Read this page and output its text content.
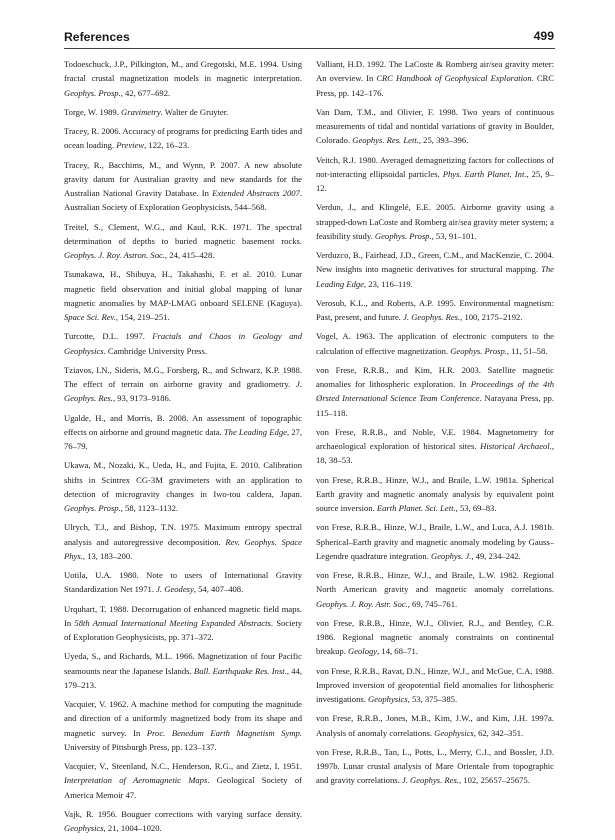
References	499

Todoeschuck, J.P., Pilkington, M., and Gregotski, M.E. 1994. Using fractal crustal magnetization models in magnetic interpretation. Geophys. Prosp., 42, 677–692.

Torge, W. 1989. Gravimetry. Walter de Gruyter.

Tracey, R. 2006. Accuracy of programs for predicting Earth tides and ocean loading. Preview, 122, 16–23.

Tracey, R., Bacchims, M., and Wynn, P. 2007. A new absolute gravity datum for Australian gravity and new standards for the Australian National Gravity Database. In Extended Abstracts 2007. Australian Society of Exploration Geophysicists, 544–568.

Treitel, S., Clement, W.G., and Kaul, R.K. 1971. The spectral determination of depths to buried magnetic basement rocks. Geophys. J. Roy. Astron. Soc., 24, 415–428.

Tsunakawa, H., Shibuya, H., Takahashi, F. et al. 2010. Lunar magnetic field observation and initial global mapping of lunar magnetic anomalies by MAP-LMAG onboard SELENE (Kaguya). Space Sci. Rev., 154, 219–251.

Turcotte, D.L. 1997. Fractals and Chaos in Geology and Geophysics. Cambridge University Press.

Tziavos, I.N., Sideris, M.G., Forsberg, R., and Schwarz, K.P. 1988. The effect of terrain on airborne gravity and gradiometry. J. Geophys. Res., 93, 9173–9186.

Ugalde, H., and Morris, B. 2008. An assessment of topographic effects on airborne and ground magnetic data. The Leading Edge, 27, 76–79.

Ukawa, M., Nozaki, K., Ueda, H., and Fujita, E. 2010. Calibration shifts in Scintrex CG-3M gravimeters with an application to detection of microgravity changes in Iwo-tou caldera, Japan. Geophys. Prosp., 58, 1123–1132.

Ulrych, T.J., and Bishop, T.N. 1975. Maximum entropy spectral analysis and autoregressive decomposition. Rev. Geophys. Space Phys., 13, 183–200.

Uotila, U.A. 1980. Note to users of International Gravity Standardization Net 1971. J. Geodesy, 54, 407–408.

Urquhart, T. 1988. Decorrugation of enhanced magnetic field maps. In 58th Annual International Meeting Expanded Abstracts. Society of Exploration Geophysicists, pp. 371–372.

Uyeda, S., and Richards, M.L. 1966. Magnetization of four Pacific seamounts near the Japanese Islands. Bull. Earthquake Res. Inst., 44, 179–213.

Vacquier, V. 1962. A machine method for computing the magnitude and direction of a uniformly magnetized body from its shape and magnetic survey. In Proc. Benedum Earth Magnetism Symp. University of Pittsburgh Press, pp. 123–137.

Vacquier, V., Steenland, N.C., Henderson, R.G., and Zietz, I. 1951. Interpretation of Aeromagnetic Maps. Geological Society of America Memoir 47.

Vajk, R. 1956. Bouguer corrections with varying surface density. Geophysics, 21, 1004–1020.

Valliant, H.D. 1992. The LaCoste & Romberg air/sea gravity meter: An overview. In CRC Handbook of Geophysical Exploration. CRC Press, pp. 142–176.

Van Dam, T.M., and Olivier, F. 1998. Two years of continuous measurements of tidal and nontidal variations of gravity in Boulder, Colorado. Geophys. Res. Lett., 25, 393–396.

Veitch, R.J. 1980. Averaged demagnetizing factors for collections of not-interacting ellipsoidal particles. Phys. Earth Planet. Int., 25, 9–12.

Verdun, J., and Klingelé, E.E. 2005. Airborne gravity using a strapped-down LaCoste and Romberg air/sea gravity meter system; a feasibility study. Geophys. Prosp., 53, 91–101.

Verduzco, B., Fairhead, J.D., Green, C.M., and MacKenzie, C. 2004. New insights into magnetic derivatives for structural mapping. The Leading Edge, 23, 116–119.

Verosub, K.L., and Roberts, A.P. 1995. Environmental magnetism: Past, present, and future. J. Geophys. Res., 100, 2175–2192.

Vogel, A. 1963. The application of electronic computers to the calculation of effective magnetization. Geophys. Prosp., 11, 51–58.

von Frese, R.R.B., and Kim, H.R. 2003. Satellite magnetic anomalies for lithospheric exploration. In Proceedings of the 4th Ørsted International Science Team Conference. Narayana Press, pp. 115–118.

von Frese, R.R.B., and Noble, V.E. 1984. Magnetometry for archaeological exploration of historical sites. Historical Archaeol., 18, 38–53.

von Frese, R.R.B., Hinze, W.J., and Braile, L.W. 1981a. Spherical Earth gravity and magnetic anomaly analysis by equivalent point source inversion. Earth Planet. Sci. Lett., 53, 69–83.

von Frese, R.R.B., Hinze, W.J., Braile, L.W., and Luca, A.J. 1981b. Spherical–Earth gravity and magnetic anomaly modeling by Gauss–Legendre quadrature integration. Geophys. J., 49, 234–242.

von Frese, R.R.B., Hinze, W.J., and Braile, L.W. 1982. Regional North American gravity and magnetic anomaly correlations. Geophys. J. Roy. Astr. Soc., 69, 745–761.

von Frese, R.R.B., Hinze, W.J., Olivier, R.J., and Bentley, C.R. 1986. Regional magnetic anomaly constraints on continental breakup. Geology, 14, 68–71.

von Frese, R.R.B., Ravat, D.N., Hinze, W.J., and McGue, C.A. 1988. Improved inversion of geopotential field anomalies for lithospheric investigations. Geophysics, 53, 375–385.

von Frese, R.R.B., Jones, M.B., Kim, J.W., and Kim, J.H. 1997a. Analysis of anomaly correlations. Geophysics, 62, 342–351.

von Frese, R.R.B., Tan, L., Potts, L., Merry, C.J., and Bossler, J.D. 1997b. Lunar crustal analysis of Mare Orientale from topographic and gravity correlations. J. Geophys. Res., 102, 25657–25675.
